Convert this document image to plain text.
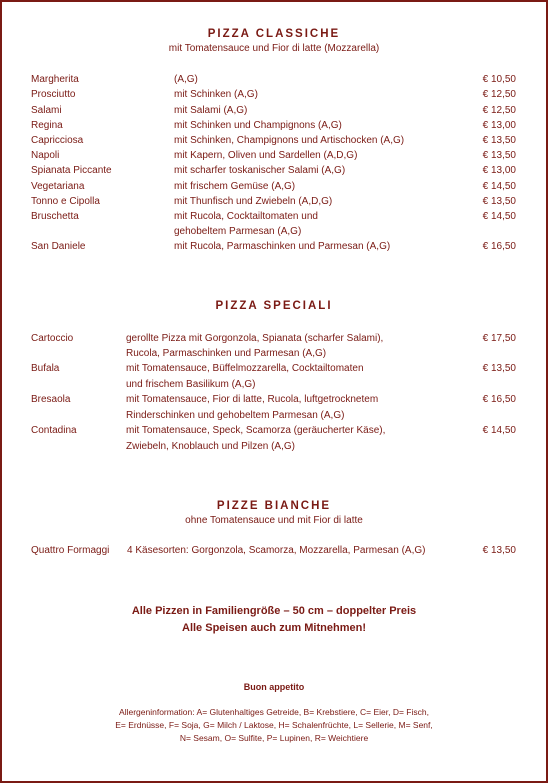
PIZZA CLASSICHE
mit Tomatensauce und Fior di latte (Mozzarella)
Margherita	(A,G)	€ 10,50
Prosciutto	mit Schinken (A,G)	€ 12,50
Salami	mit Salami (A,G)	€ 12,50
Regina	mit Schinken und Champignons (A,G)	€ 13,00
Capricciosa	mit Schinken, Champignons und Artischocken (A,G)	€ 13,50
Napoli	mit Kapern, Oliven und Sardellen (A,D,G)	€ 13,50
Spianata Piccante	mit scharfer toskanischer Salami (A,G)	€ 13,00
Vegetariana	mit frischem Gemüse (A,G)	€ 14,50
Tonno e Cipolla	mit Thunfisch und Zwiebeln (A,D,G)	€ 13,50
Bruschetta	mit Rucola, Cocktailtomaten und	€ 14,50
gehobeltem Parmesan (A,G)
San Daniele	mit Rucola, Parmaschinken und Parmesan (A,G)	€ 16,50
PIZZA SPECIALI
Cartoccio	gerollte Pizza mit Gorgonzola, Spianata (scharfer Salami),	€ 17,50
Rucola, Parmaschinken und Parmesan (A,G)
Bufala	mit Tomatensauce, Büffelmozzarella, Cocktailtomaten	€ 13,50
und frischem Basilikum (A,G)
Bresaola	mit Tomatensauce, Fior di latte, Rucola, luftgetrocknetem	€ 16,50
Rinderschinken und gehobeltem Parmesan (A,G)
Contadina	mit Tomatensauce, Speck, Scamorza (geräucherter Käse),	€ 14,50
Zwiebeln, Knoblauch und Pilzen (A,G)
PIZZE BIANCHE
ohne Tomatensauce und mit Fior di latte
Quattro Formaggi 4 Käsesorten: Gorgonzola, Scamorza, Mozzarella, Parmesan (A,G)	€ 13,50
Alle Pizzen in Familiengröße – 50 cm – doppelter Preis
Alle Speisen auch zum Mitnehmen!
Buon appetito
Allergeninformation: A= Glutenhaltiges Getreide, B= Krebstiere, C= Eier, D= Fisch,
E= Erdnüsse, F= Soja, G= Milch / Laktose, H= Schalenfrüchte, L= Sellerie, M= Senf,
N= Sesam, O= Sulfite, P= Lupinen, R= Weichtiere
